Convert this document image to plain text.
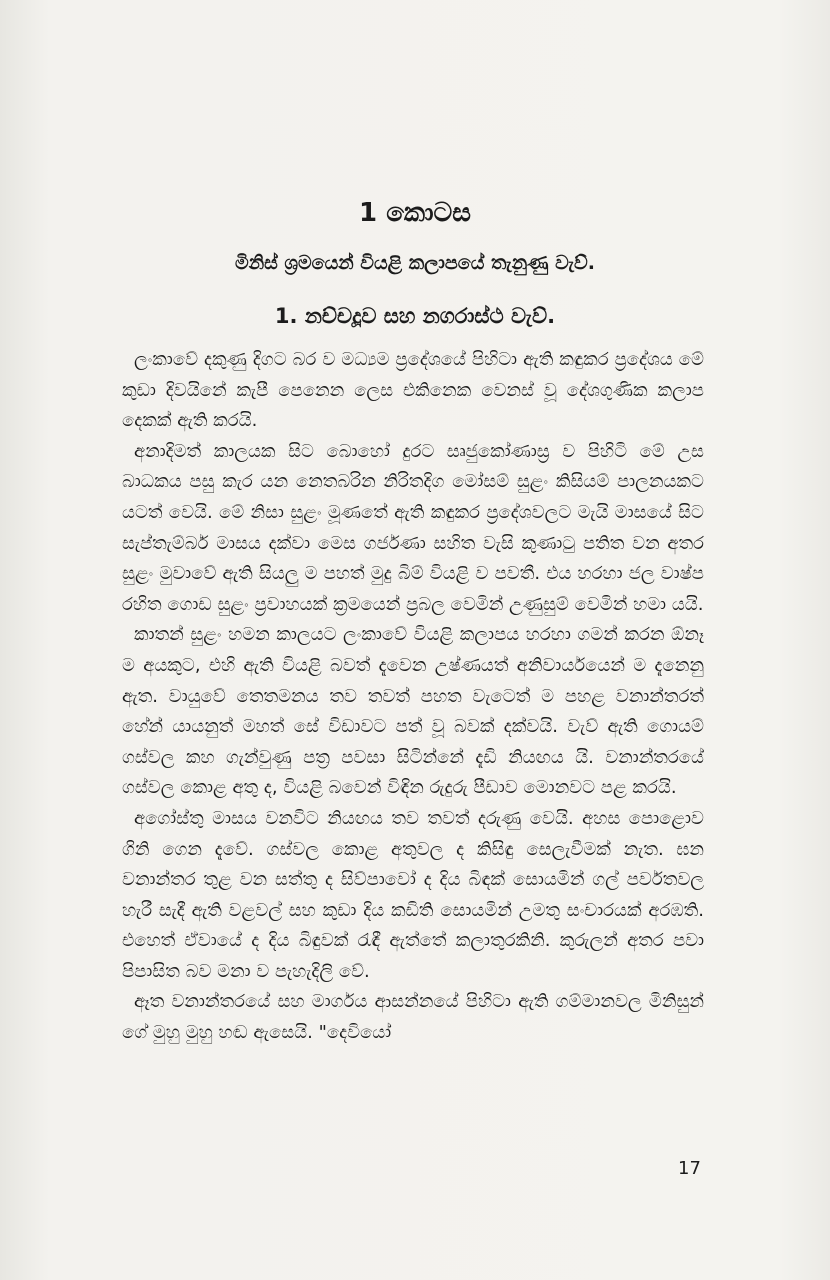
1 කොටස
මිනිස් ශ්‍රමයෙන් වියළි කලාපයේ තැනුණු වැව්.
1. නච්චදූව සහ නගරාස්ථ වැව්.

ලංකාවේ දකුණු දිගට බර ව මධ්‍යම ප්‍රදේශයේ පිහිටා ඇති කඳුකර ප්‍රදේශය මේ කුඩා දිවයිනේ කැපී පෙනෙන ලෙස එකිනෙක වෙනස් වූ දේශගුණික කලාප දෙකක් ඇති කරයි.

අනාදිමත් කාලයක සිට බොහෝ දුරට සෘජුකෝණාස්‍ර ව පිහිටි මේ උස බාධකය පසු කැර යන නෙතබරින නිරිතදිග මෝසම් සුළං කිසියම් පාලනයකට යටත් වෙයි. මේ නිසා සුළං මූණතේ ඇති කඳුකර ප්‍රදේශවලට මැයි මාසයේ සිට සැප්තැම්බර් මාසය දක්වා මෙස ගර්ජණා සහිත වැසි කුණාටු පතිත වන අතර සුළං මුවාවේ ඇති සියලු ම පහත් මුදු බිම් වියළි ව පවතී. එය හරහා ජල වාෂ්ප රහිත ගොඩ සුළං ප්‍රවාහයක් ක්‍රමයෙන් ප්‍රබල වෙමින් උණුසුම් වෙමින් හමා යයි.

කාතන් සුළං හමන කාලයට ලංකාවේ වියළි කලාපය හරහා ගමන් කරන ඕනෑ ම අයකුට, එහි ඇති වියළි බවත් දැවෙන උෂ්ණයත් අනිවාර්යයෙන් ම දැනෙනු ඇත. වායුවේ තෙතමනය තව තවත් පහත වැටෙත් ම පහළ වනාන්තරත් හේන් යායනුත් මහත් සේ විඩාවට පත් වූ බවක් දක්වයි. වැව් ඇති ගොයම් ගස්වල කහ ගැන්වුණු පත්‍ර පවසා සිටින්නේ දැඩි නියඟය යි. වනාන්තරයේ ගස්වල කොළ අතු ද, වියළි බවෙන් විඳින රුදුරු පීඩාව මොනවට පළ කරයි.

අගෝස්තු මාසය වනවිට නියඟය තව තවත් දරුණු වෙයි. අහස පොළොව ගිනි ගෙන දැවේ. ගස්වල කොළ අතුවල ද කිසිඳු සෙලැවීමක් නැත. ඝන වනාන්තර තුළ වන සත්තු ද සිව්පාවෝ ද දිය බිඳක් සොයමින් ගල් පර්වතවල හැරී සැදී ඇති වළවල් සහ කුඩා දිය කඩිති සොයමින් උමතු සංචාරයක් අරඹති. එහෙත් ඒවායේ ද දිය බිඳුවක් රැඳී ඇත්තේ කලාතුරකිනි. කුරුලන් අතර පවා පිපාසිත බව මනා ව පැහැදිලි වේ.

ඈත වනාන්තරයේ සහ මාර්ගය ආසන්නයේ පිහිටා ඇති ගම්මානවල මිනිසුන් ගේ මුහු මුහු හඬ ඇසෙයි. "දෙවියෝ

17
